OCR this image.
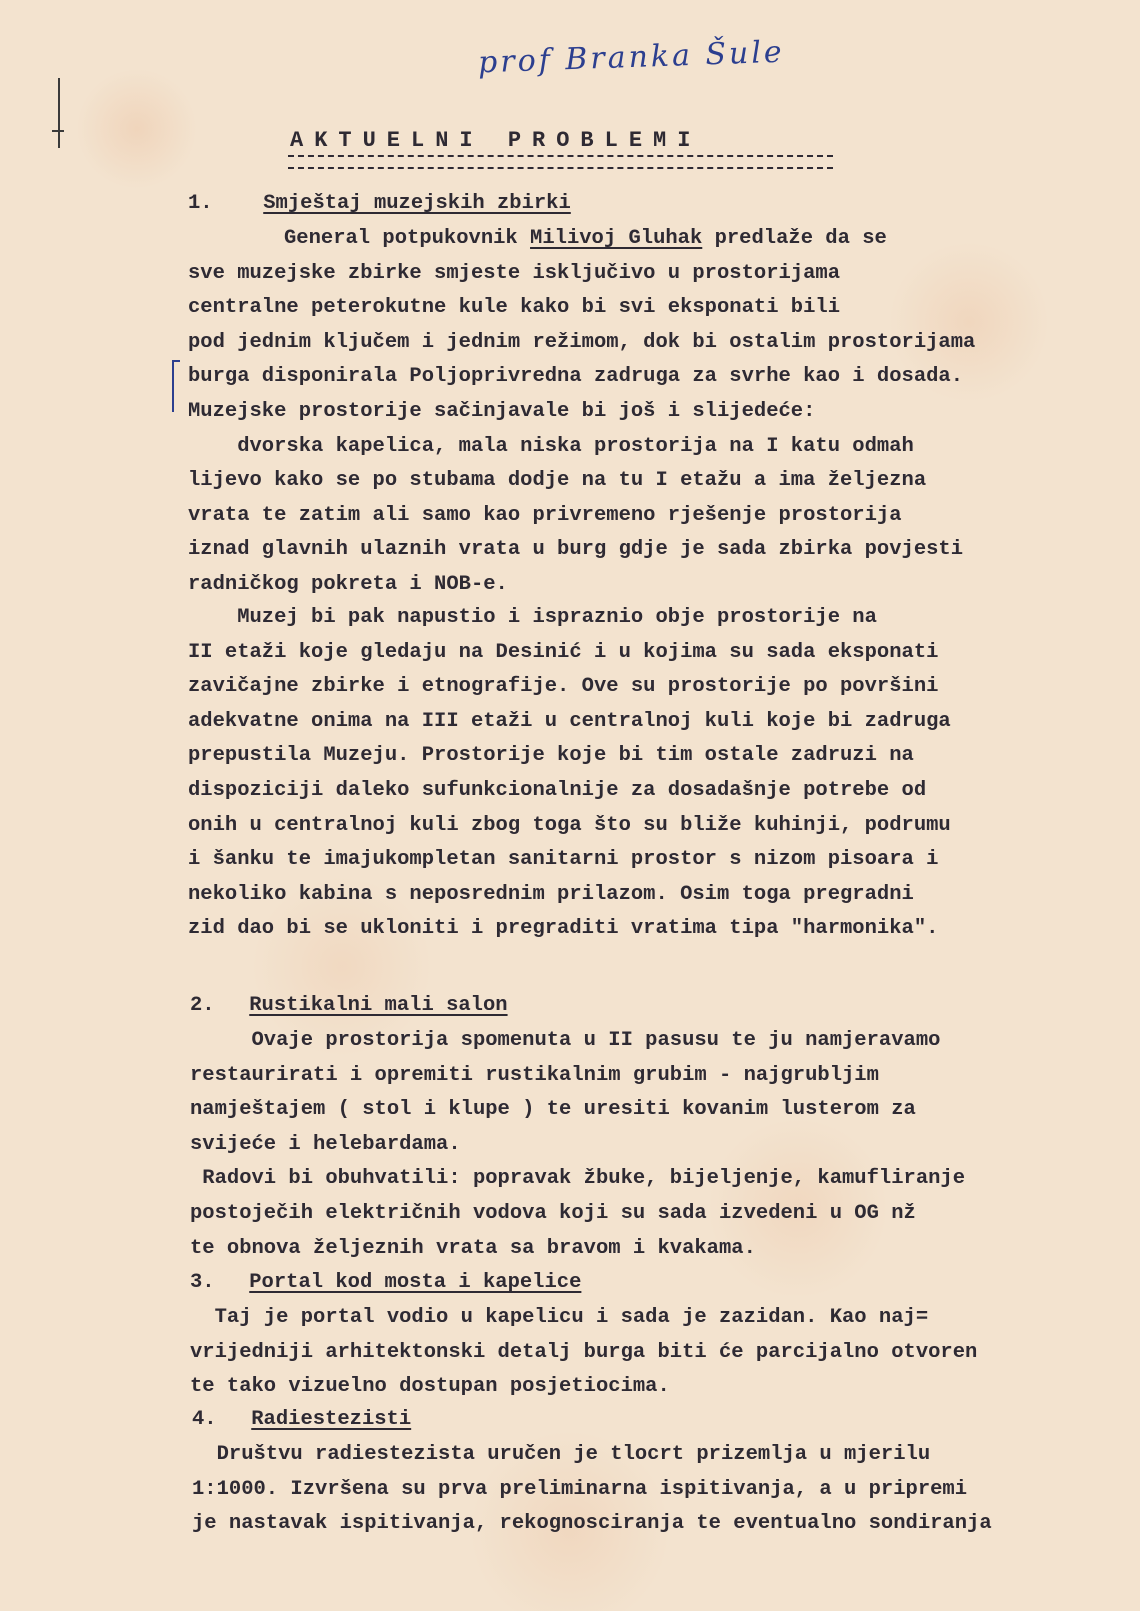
prof Branka Šule
AKTUELNI PROBLEMI
1. Smještaj muzejskih zbirki
General potpukovnik Milivoj Gluhak predlaže da se
sve muzejske zbirke smjeste isključivo u prostorijama
centralne peterokutne kule kako bi svi eksponati bili
pod jednim ključem i jednim režimom, dok bi ostalim prostorijama
burga disponirala Poljoprivredna zadruga za svrhe kao i dosada.
Muzejske prostorije sačinjavale bi još i slijedeće:
dvorska kapelica, mala niska prostorija na I katu odmah
lijevo kako se po stubama dodje na tu I etažu a ima željezna
vrata te zatim ali samo kao privremeno rješenje prostorija
iznad glavnih ulaznih vrata u burg gdje je sada zbirka povjesti
radničkog pokreta i NOB-e.
Muzej bi pak napustio i ispraznio obje prostorije na
II etaži koje gledaju na Desinić i u kojima su sada eksponati
zavičajne zbirke i etnografije. Ove su prostorije po površini
adekvatne onima na III etaži u centralnoj kuli koje bi zadruga
prepustila Muzeju. Prostorije koje bi tim ostale zadruzi na
dispoziciji daleko sufunkcionalnije za dosadašnje potrebe od
onih u centralnoj kuli zbog toga što su bliže kuhinji, podrumu
i šanku te imajukompletan sanitarni prostor s nizom pisoara i
nekoliko kabina s neposrednim prilazom. Osim toga pregradni
zid dao bi se ukloniti i pregraditi vratima tipa "harmonika".
2. Rustikalni mali salon
Ovaje prostorija spomenuta u II pasusu te ju namjeravamo
restaurirati i opremiti rustikalnim grubim - najgrubljim
namještajem ( stol i klupe ) te uresiti kovanim lusterom za
svijeće i helebardama.
Radovi bi obuhvatili: popravak žbuke, bijeljenje, kamufliranje
postoječih električnih vodova koji su sada izvedeni u OG nž
te obnova željeznih vrata sa bravom i kvakama.
3. Portal kod mosta i kapelice
Taj je portal vodio u kapelicu i sada je zazidan. Kao naj=
vrijedniji arhitektonski detalj burga biti će parcijalno otvoren
te tako vizuelno dostupan posjetiocima.
4. Radiestezisti
Društvu radiestezista uručen je tlocrt prizemlja u mjerilu
1:1000. Izvršena su prva preliminarna ispitivanja, a u pripremi
je nastavak ispitivanja, rekognosciranja te eventualno sondiranja
